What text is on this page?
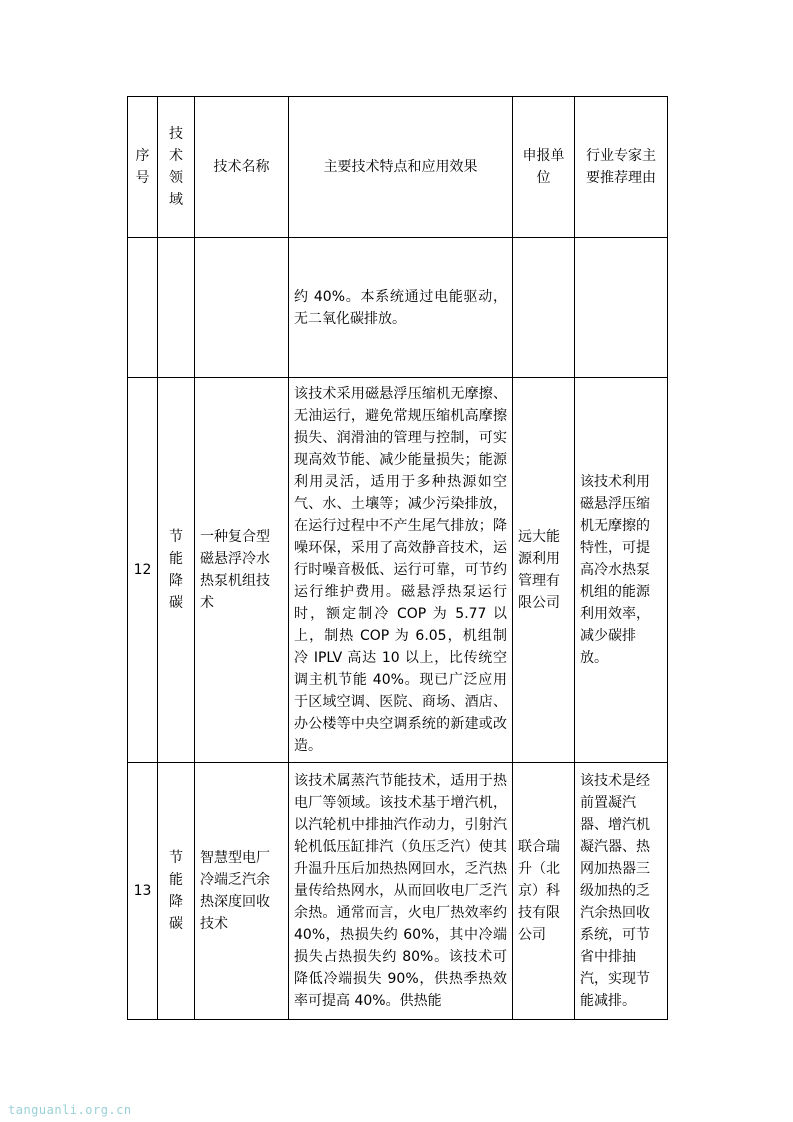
序号	技术领域	技术名称	主要技术特点和应用效果	申报单位	行业专家主要推荐理由
			约 40%。本系统通过电能驱动，无二氧化碳排放。		
12	节能降碳	一种复合型磁悬浮冷水热泵机组技术	该技术采用磁悬浮压缩机无摩擦、无油运行，避免常规压缩机高摩擦损失、润滑油的管理与控制，可实现高效节能、减少能量损失；能源利用灵活，适用于多种热源如空气、水、土壤等；减少污染排放，在运行过程中不产生尾气排放；降噪环保，采用了高效静音技术，运行时噪音极低、运行可靠，可节约运行维护费用。磁悬浮热泵运行时，额定制冷 COP 为 5.77 以上，制热 COP 为 6.05，机组制冷 IPLV 高达 10 以上，比传统空调主机节能 40%。现已广泛应用于区域空调、医院、商场、酒店、办公楼等中央空调系统的新建或改造。	远大能源利用管理有限公司	该技术利用磁悬浮压缩机无摩擦的特性，可提高冷水热泵机组的能源利用效率，减少碳排放。
13	节能降碳	智慧型电厂冷端乏汽余热深度回收技术	该技术属蒸汽节能技术，适用于热电厂等领域。该技术基于增汽机，以汽轮机中排抽汽作动力，引射汽轮机低压缸排汽（负压乏汽）使其升温升压后加热热网回水，乏汽热量传给热网水，从而回收电厂乏汽余热。通常而言，火电厂热效率约 40%，热损失约 60%，其中冷端损失占热损失约 80%。该技术可降低冷端损失 90%，供热季热效率可提高 40%。供热能	联合瑞升（北京）科技有限公司	该技术是经前置凝汽器、增汽机凝汽器、热网加热器三级加热的乏汽余热回收系统，可节省中排抽汽，实现节能减排。
tanguanli.org.cn
